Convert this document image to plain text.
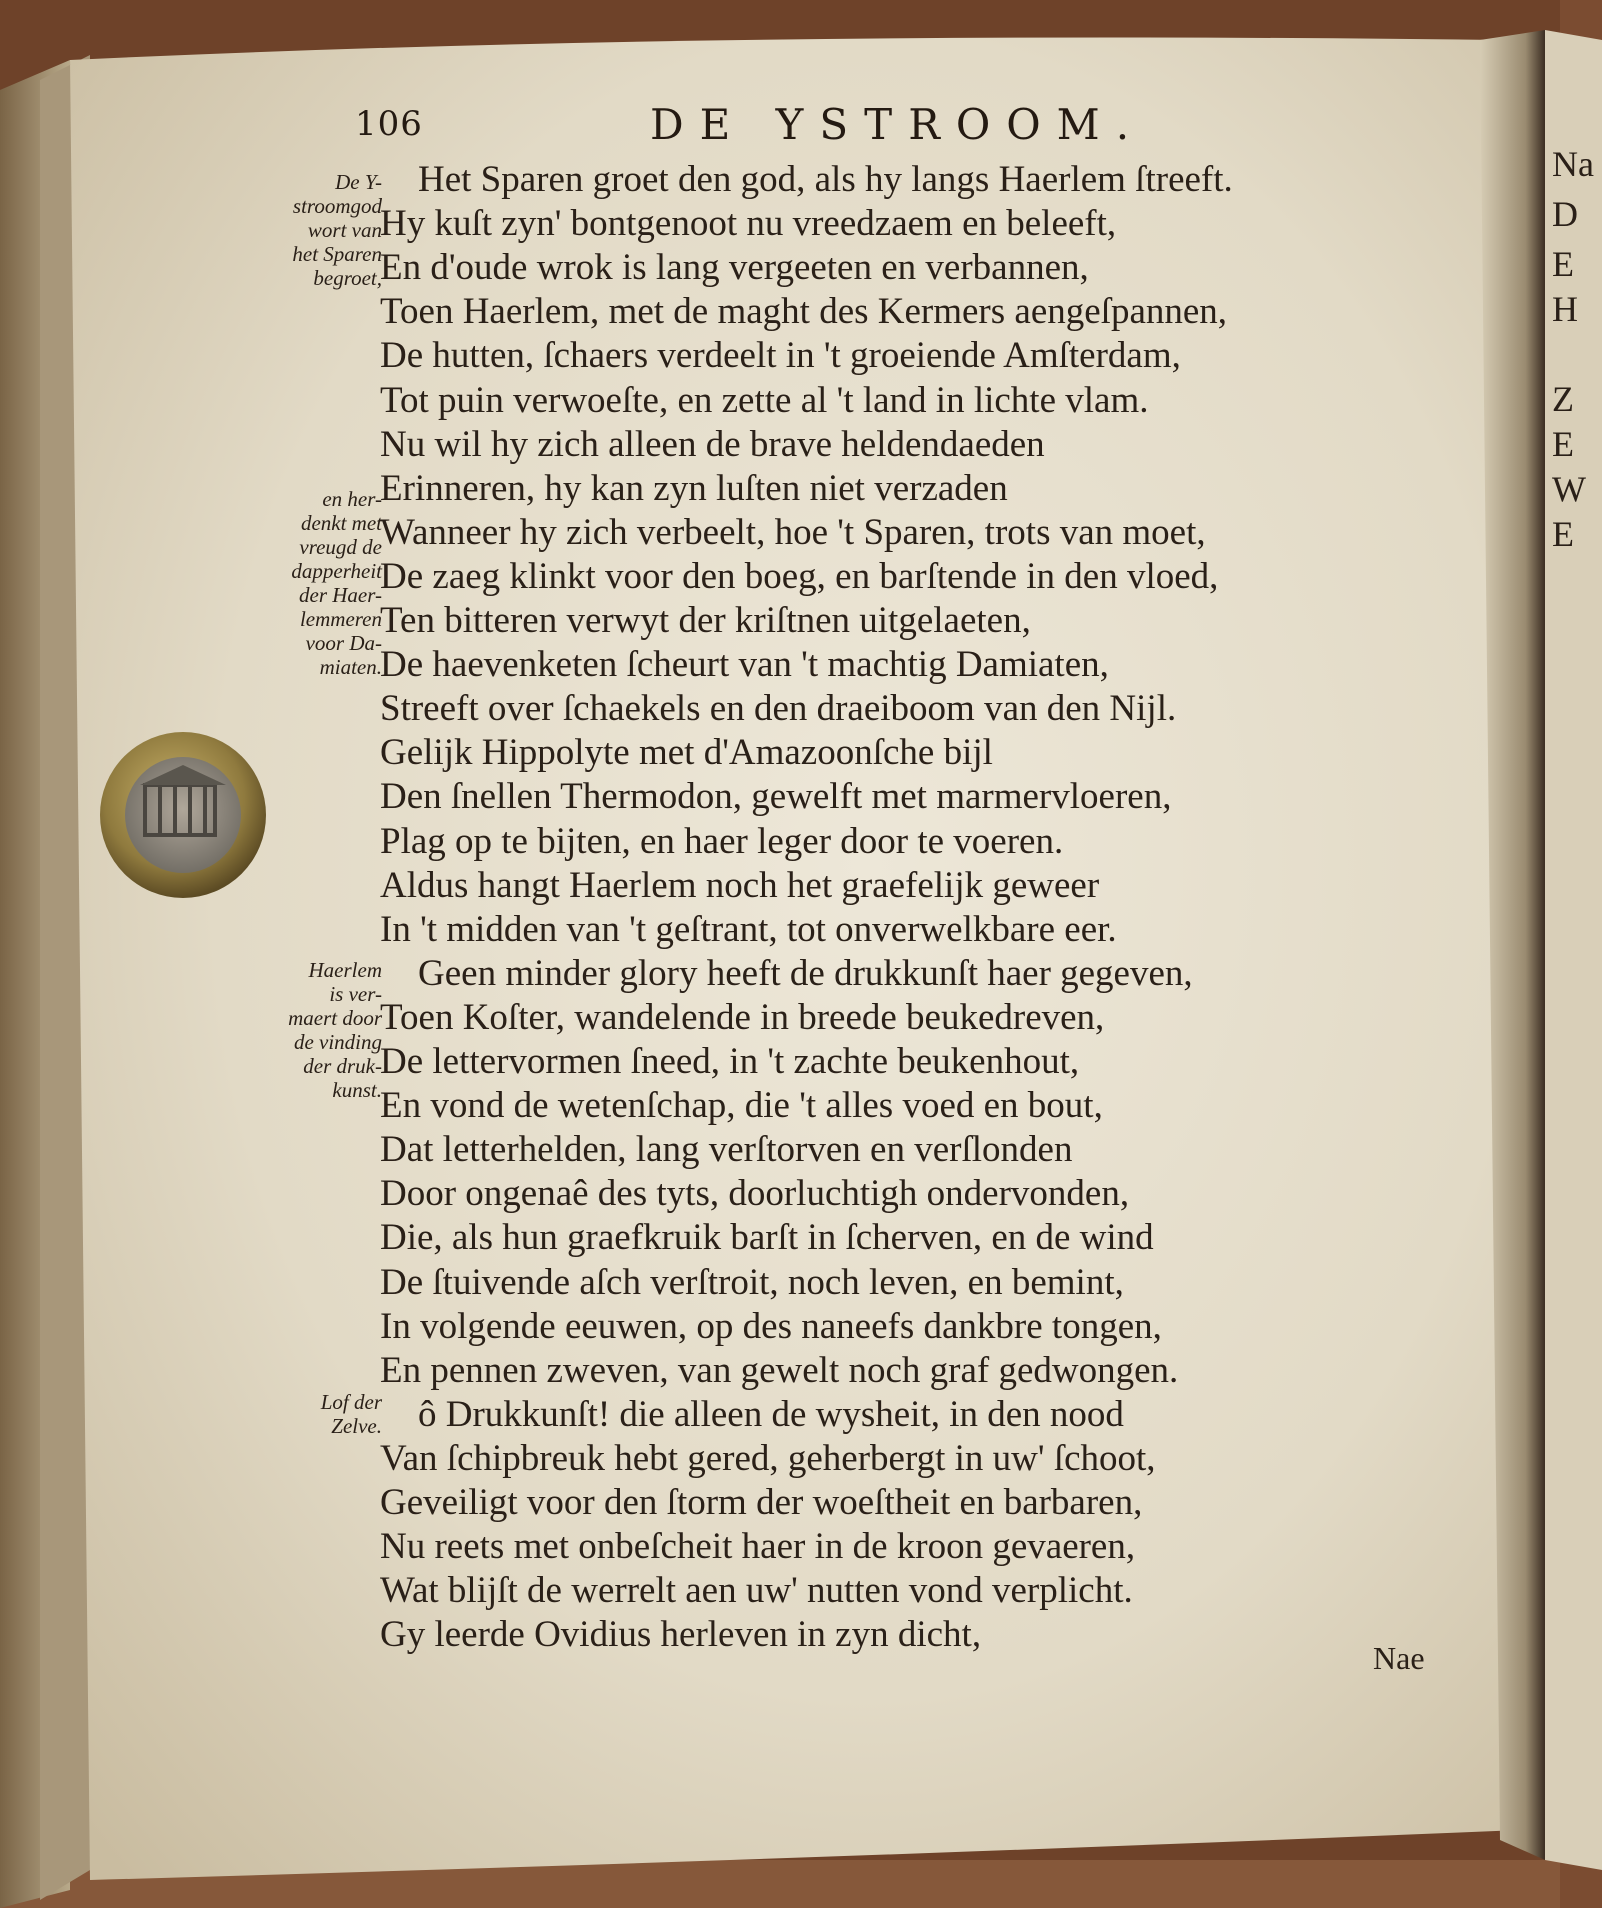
106	DE YSTROOM.
De Y-
stroomgod
wort van
het Sparen
begroet,
en her-
denkt met
vreugd de
dapperheit
der Haer-
lemmeren
voor Da-
miaten.
Haerlem
is ver-
maert door
de vinding
der druk-
kunst.
Lof der
Zelve.
Het Sparen groet den god, als hy langs Haerlem ſtreeft.
Hy kuſt zyn' bontgenoot nu vreedzaem en beleeft,
En d'oude wrok is lang vergeeten en verbannen,
Toen Haerlem, met de maght des Kermers aengeſpannen,
De hutten, ſchaers verdeelt in 't groeiende Amſterdam,
Tot puin verwoeſte, en zette al 't land in lichte vlam.
Nu wil hy zich alleen de brave heldendaeden
Erinneren, hy kan zyn luſten niet verzaden
Wanneer hy zich verbeelt, hoe 't Sparen, trots van moet,
De zaeg klinkt voor den boeg, en barſtende in den vloed,
Ten bitteren verwyt der kriſtnen uitgelaeten,
De haevenketen ſcheurt van 't machtig Damiaten,
Streeft over ſchaekels en den draeiboom van den Nijl.
Gelijk Hippolyte met d'Amazoonſche bijl
Den ſnellen Thermodon, gewelft met marmervloeren,
Plag op te bijten, en haer leger door te voeren.
Aldus hangt Haerlem noch het graefelijk geweer
In 't midden van 't geſtrant, tot onverwelkbare eer.
Geen minder glory heeft de drukkunſt haer gegeven,
Toen Koſter, wandelende in breede beukedreven,
De lettervormen ſneed, in 't zachte beukenhout,
En vond de wetenſchap, die 't alles voed en bout,
Dat letterhelden, lang verſtorven en verſlonden
Door ongenaê des tyts, doorluchtigh ondervonden,
Die, als hun graefkruik barſt in ſcherven, en de wind
De ſtuivende aſch verſtroit, noch leven, en bemint,
In volgende eeuwen, op des naneefs dankbre tongen,
En pennen zweven, van gewelt noch graf gedwongen.
ô Drukkunſt! die alleen de wysheit, in den nood
Van ſchipbreuk hebt gered, geherbergt in uw' ſchoot,
Geveiligt voor den ſtorm der woeſtheit en barbaren,
Nu reets met onbeſcheit haer in de kroon gevaeren,
Wat blijſt de werrelt aen uw' nutten vond verplicht.
Gy leerde Ovidius herleven in zyn dicht,
Nae
Na
D
E
H
Z
E
W
E
